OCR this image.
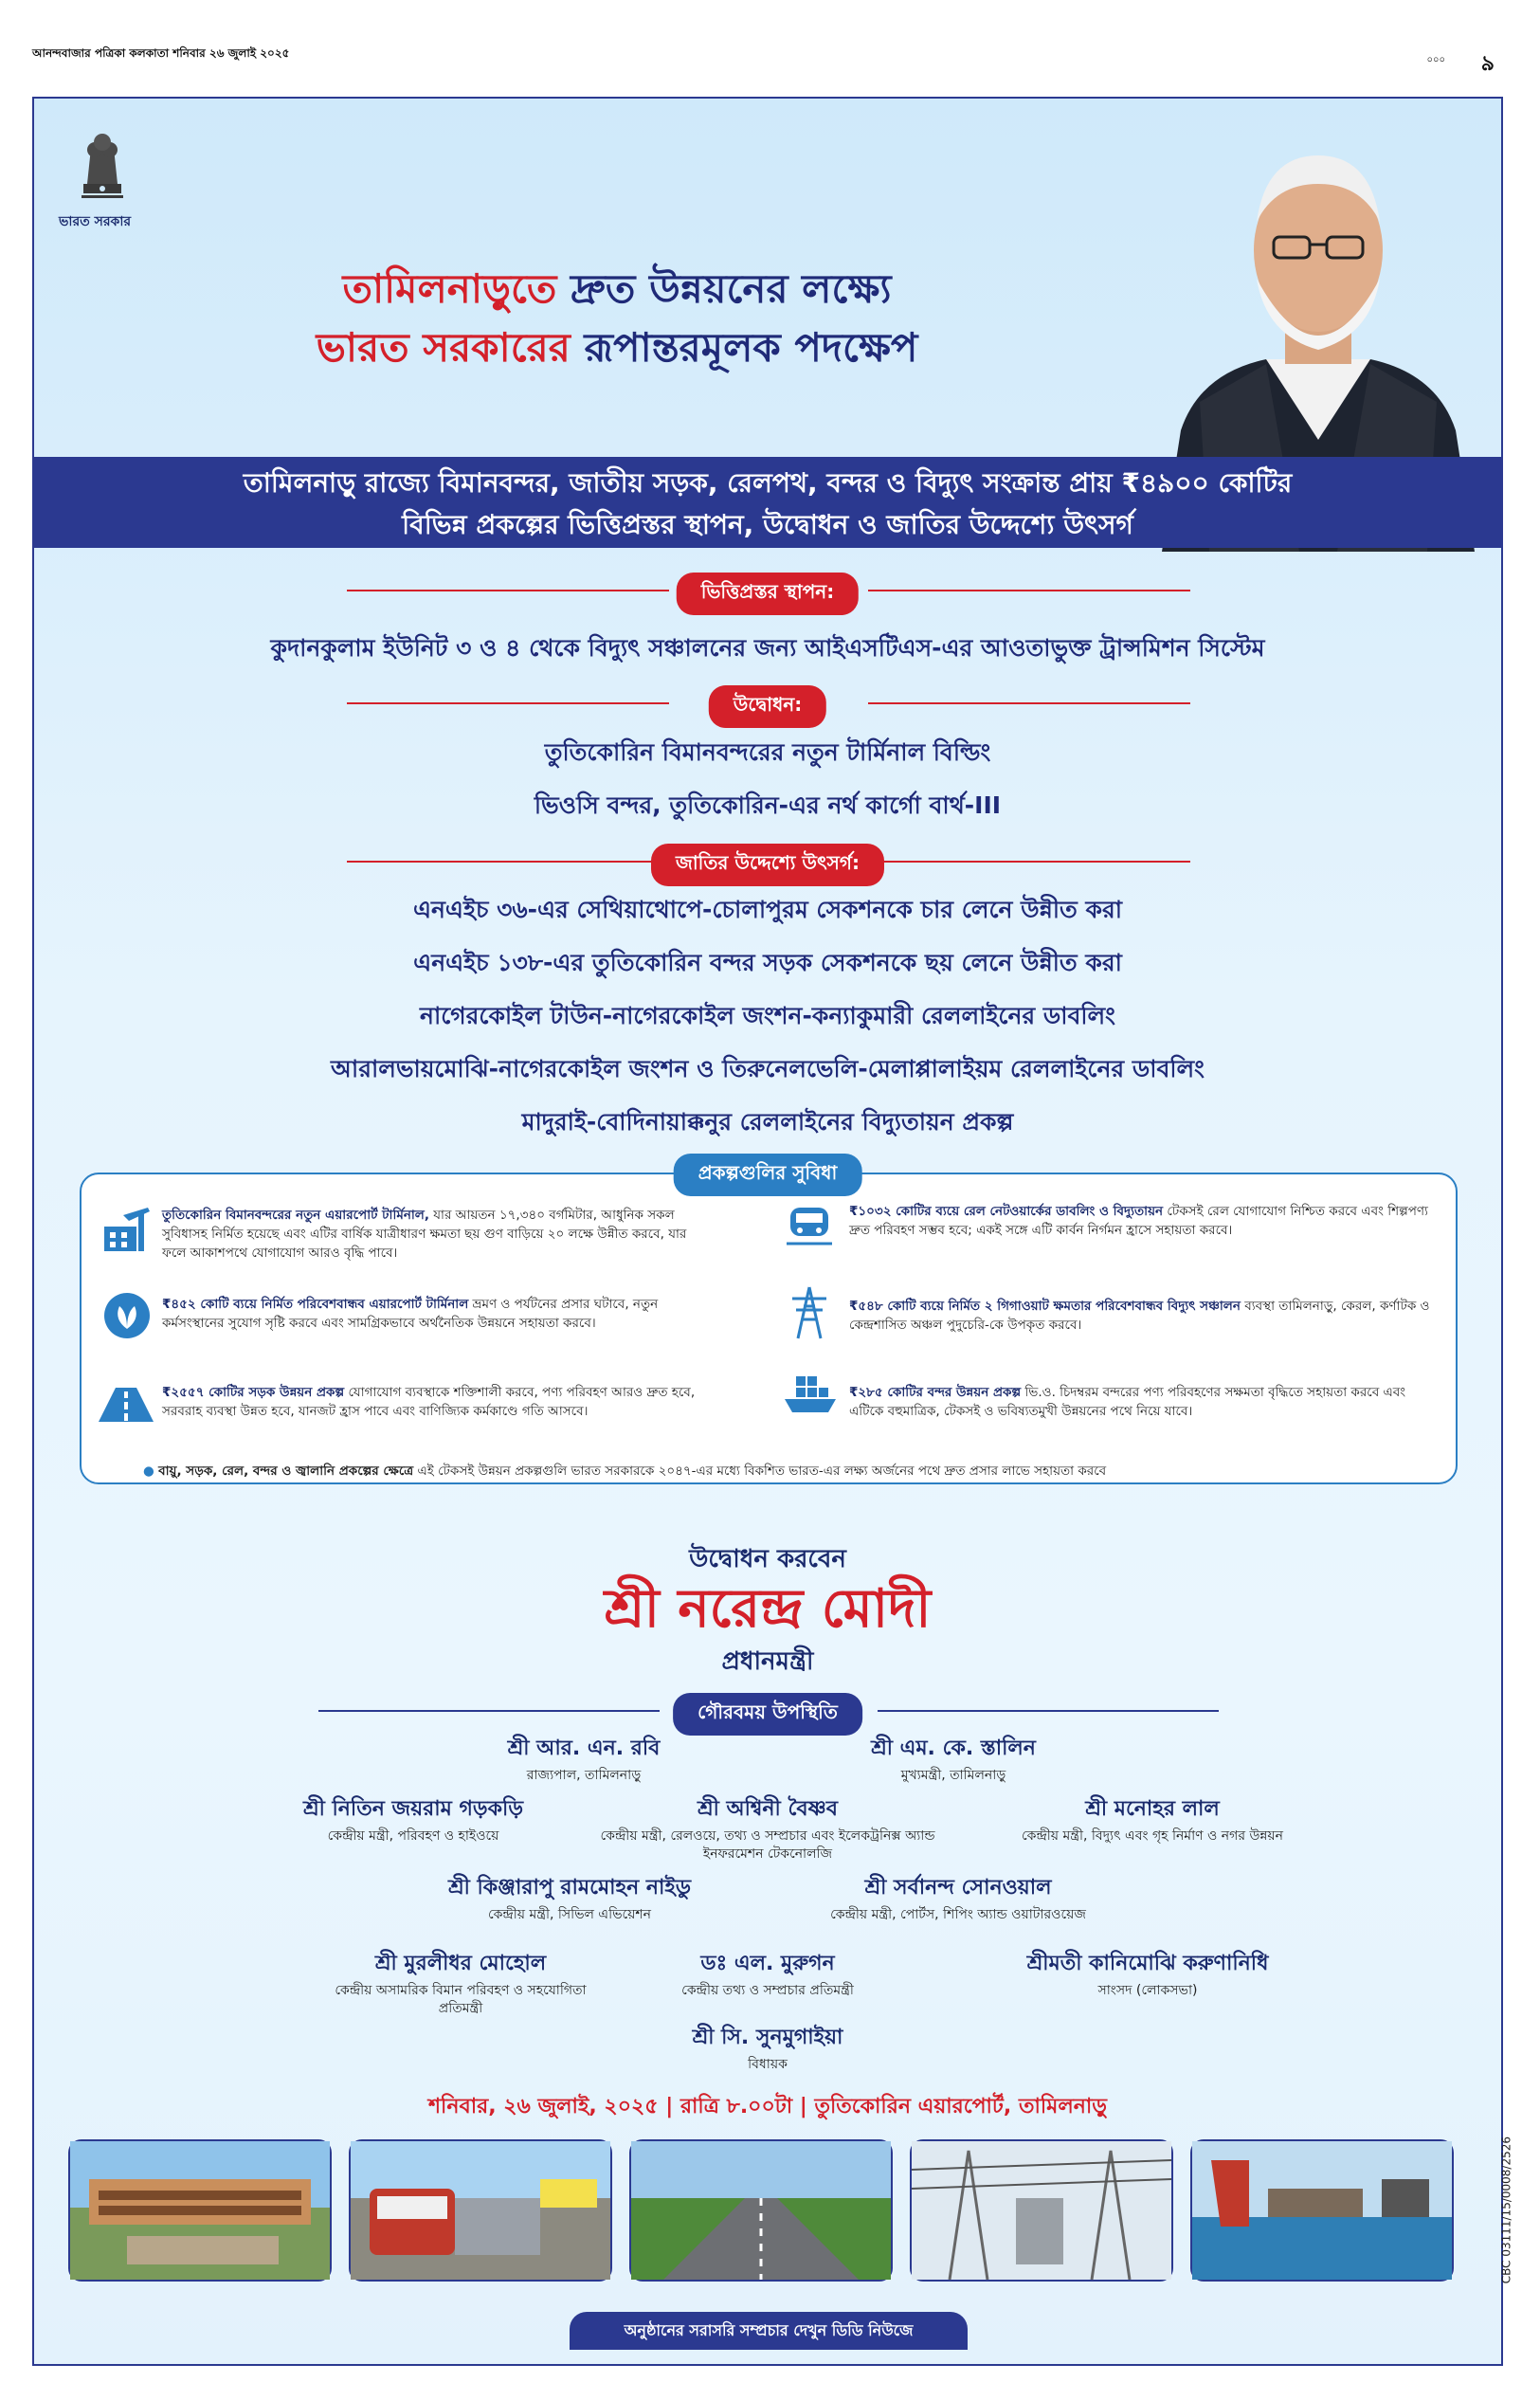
আনন্দবাজার পত্রিকা কলকাতা শনিবার ২৬ জুলাই ২০২৫
০০০ ৯
ভারত সরকার
তামিলনাড়ুতে দ্রুত উন্নয়নের লক্ষ্যে
ভারত সরকারের রূপান্তরমূলক পদক্ষেপ
তামিলনাড়ু রাজ্যে বিমানবন্দর, জাতীয় সড়ক, রেলপথ, বন্দর ও বিদ্যুৎ সংক্রান্ত প্রায় ₹৪৯০০ কোটির
বিভিন্ন প্রকল্পের ভিত্তিপ্রস্তর স্থাপন, উদ্বোধন ও জাতির উদ্দেশ্যে উৎসর্গ
ভিত্তিপ্রস্তর স্থাপন:
কুদানকুলাম ইউনিট ৩ ও ৪ থেকে বিদ্যুৎ সঞ্চালনের জন্য আইএসটিএস-এর আওতাভুক্ত ট্রান্সমিশন সিস্টেম
উদ্বোধন:
তুতিকোরিন বিমানবন্দরের নতুন টার্মিনাল বিল্ডিং
ভিওসি বন্দর, তুতিকোরিন-এর নর্থ কার্গো বার্থ-III
জাতির উদ্দেশ্যে উৎসর্গ:
এনএইচ ৩৬-এর সেথিয়াথোপে-চোলাপুরম সেকশনকে চার লেনে উন্নীত করা
এনএইচ ১৩৮-এর তুতিকোরিন বন্দর সড়ক সেকশনকে ছয় লেনে উন্নীত করা
নাগেরকোইল টাউন-নাগেরকোইল জংশন-কন্যাকুমারী রেললাইনের ডাবলিং
আরালভায়মোঝি-নাগেরকোইল জংশন ও তিরুনেলভেলি-মেলাপ্পালাইয়ম রেললাইনের ডাবলিং
মাদুরাই-বোদিনায়াক্কনুর রেললাইনের বিদ্যুতায়ন প্রকল্প
প্রকল্পগুলির সুবিধা
তুতিকোরিন বিমানবন্দরের নতুন এয়ারপোর্ট টার্মিনাল, যার আয়তন ১৭,৩৪০ বর্গমিটার, আধুনিক সকল সুবিধাসহ নির্মিত হয়েছে এবং এটির বার্ষিক যাত্রীধারণ ক্ষমতা ছয় গুণ বাড়িয়ে ২০ লক্ষে উন্নীত করবে, যার ফলে আকাশপথে যোগাযোগ আরও বৃদ্ধি পাবে।
₹৪৫২ কোটি ব্যয়ে নির্মিত পরিবেশবান্ধব এয়ারপোর্ট টার্মিনাল ভ্রমণ ও পর্যটনের প্রসার ঘটাবে, নতুন কর্মসংস্থানের সুযোগ সৃষ্টি করবে এবং সামগ্রিকভাবে অর্থনৈতিক উন্নয়নে সহায়তা করবে।
₹২৫৫৭ কোটির সড়ক উন্নয়ন প্রকল্প যোগাযোগ ব্যবস্থাকে শক্তিশালী করবে, পণ্য পরিবহণ আরও দ্রুত হবে, সরবরাহ ব্যবস্থা উন্নত হবে, যানজট হ্রাস পাবে এবং বাণিজ্যিক কর্মকাণ্ডে গতি আসবে।
₹১০৩২ কোটির ব্যয়ে রেল নেটওয়ার্কের ডাবলিং ও বিদ্যুতায়ন টেকসই রেল যোগাযোগ নিশ্চিত করবে এবং শিল্পপণ্য দ্রুত পরিবহণ সম্ভব হবে; একই সঙ্গে এটি কার্বন নির্গমন হ্রাসে সহায়তা করবে।
₹৫৪৮ কোটি ব্যয়ে নির্মিত ২ গিগাওয়াট ক্ষমতার পরিবেশবান্ধব বিদ্যুৎ সঞ্চালন ব্যবস্থা তামিলনাড়ু, কেরল, কর্ণাটক ও কেন্দ্রশাসিত অঞ্চল পুদুচেরি-কে উপকৃত করবে।
₹২৮৫ কোটির বন্দর উন্নয়ন প্রকল্প ভি.ও. চিদম্বরম বন্দরের পণ্য পরিবহণের সক্ষমতা বৃদ্ধিতে সহায়তা করবে এবং এটিকে বহুমাত্রিক, টেকসই ও ভবিষ্যতমুখী উন্নয়নের পথে নিয়ে যাবে।
● বায়ু, সড়ক, রেল, বন্দর ও জ্বালানি প্রকল্পের ক্ষেত্রে এই টেকসই উন্নয়ন প্রকল্পগুলি ভারত সরকারকে ২০৪৭-এর মধ্যে বিকশিত ভারত-এর লক্ষ্য অর্জনের পথে দ্রুত প্রসার লাভে সহায়তা করবে
উদ্বোধন করবেন
শ্রী নরেন্দ্র মোদী
প্রধানমন্ত্রী
গৌরবময় উপস্থিতি
শ্রী আর. এন. রবি
রাজ্যপাল, তামিলনাড়ু
শ্রী এম. কে. স্তালিন
মুখ্যমন্ত্রী, তামিলনাড়ু
শ্রী নিতিন জয়রাম গড়কড়ি
কেন্দ্রীয় মন্ত্রী, পরিবহণ ও হাইওয়ে
শ্রী অশ্বিনী বৈষ্ণব
কেন্দ্রীয় মন্ত্রী, রেলওয়ে, তথ্য ও সম্প্রচার এবং ইলেকট্রনিক্স অ্যান্ড ইনফরমেশন টেকনোলজি
শ্রী মনোহর লাল
কেন্দ্রীয় মন্ত্রী, বিদ্যুৎ এবং গৃহ নির্মাণ ও নগর উন্নয়ন
শ্রী কিঞ্জারাপু রামমোহন নাইডু
কেন্দ্রীয় মন্ত্রী, সিভিল এভিয়েশন
শ্রী সর্বানন্দ সোনওয়াল
কেন্দ্রীয় মন্ত্রী, পোর্টস, শিপিং অ্যান্ড ওয়াটারওয়েজ
শ্রী মুরলীধর মোহোল
কেন্দ্রীয় অসামরিক বিমান পরিবহণ ও সহযোগিতা প্রতিমন্ত্রী
ডঃ এল. মুরুগন
কেন্দ্রীয় তথ্য ও সম্প্রচার প্রতিমন্ত্রী
শ্রীমতী কানিমোঝি করুণানিধি
সাংসদ (লোকসভা)
শ্রী সি. সুনমুগাইয়া
বিধায়ক
শনিবার, ২৬ জুলাই, ২০২৫ | রাত্রি ৮.০০টা | তুতিকোরিন এয়ারপোর্ট, তামিলনাড়ু
অনুষ্ঠানের সরাসরি সম্প্রচার দেখুন ডিডি নিউজে
CBC 03111/15/0008/2526
